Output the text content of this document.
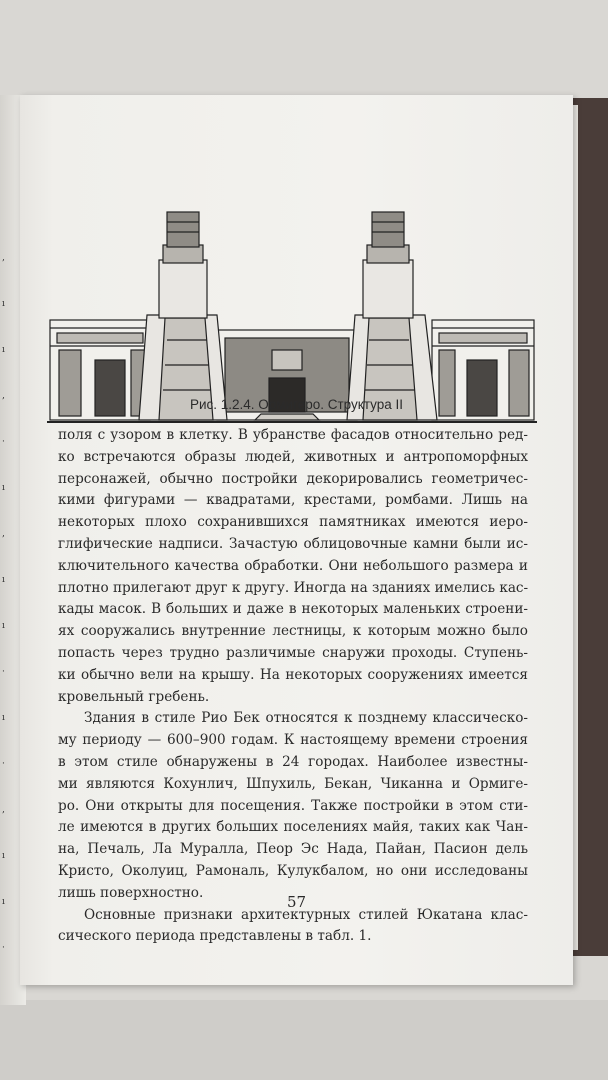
‚
ı
ı
‚
·
ı
‚
ı
ı
·
ı
·
‚
ı
ı
·
Рис. 1.2.4. Ормигеро. Структура II
поля с узором в клетку. В убранстве фасадов относительно ред-
ко встречаются образы людей, животных и антропоморфных
персонажей, обычно постройки декорировались геометричес-
кими фигурами — квадратами, крестами, ромбами. Лишь на
некоторых плохо сохранившихся памятниках имеются иеро-
глифические надписи. Зачастую облицовочные камни были ис-
ключительного качества обработки. Они небольшого размера и
плотно прилегают друг к другу. Иногда на зданиях имелись кас-
кады масок. В больших и даже в некоторых маленьких строени-
ях сооружались внутренние лестницы, к которым можно было
попасть через трудно различимые снаружи проходы. Ступень-
ки обычно вели на крышу. На некоторых сооружениях имеется
кровельный гребень.
Здания в стиле Рио Бек относятся к позднему классическо-
му периоду — 600–900 годам. К настоящему времени строения
в этом стиле обнаружены в 24 городах. Наиболее известны-
ми являются Кохунлич, Шпухиль, Бекан, Чиканна и Ормиге-
ро. Они открыты для посещения. Также постройки в этом сти-
ле имеются в других больших поселениях майя, таких как Чан-
на, Печаль, Ла Муралла, Пеор Эс Нада, Пайан, Пасион дель
Кристо, Околуиц, Рамональ, Кулукбалом, но они исследованы
лишь поверхностно.
Основные признаки архитектурных стилей Юкатана клас-
сического периода представлены в табл. 1.
57
